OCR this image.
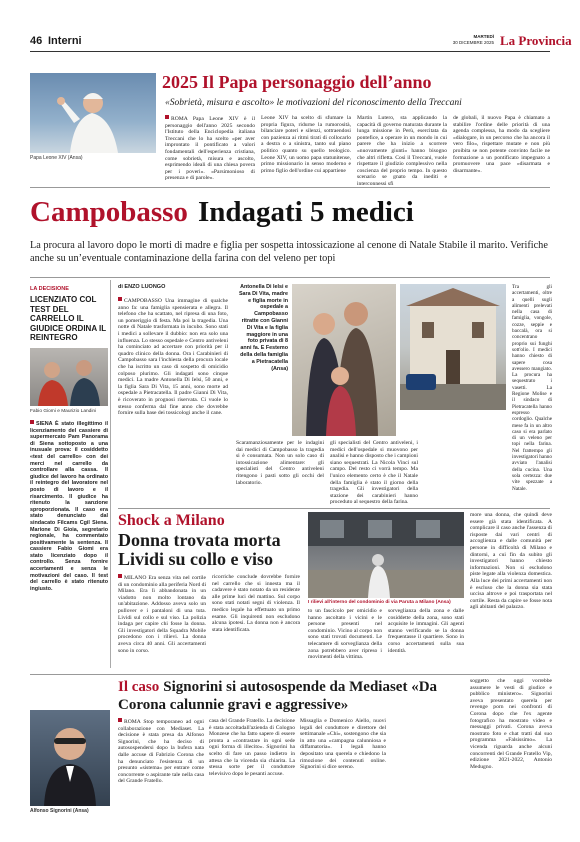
46 Interni	MARTEDÌ
30 DICEMBRE 2025 La Provincia
Papa Leone XIV (Ansa)
2025 Il Papa personaggio dell’anno
«Sobrietà, misura e ascolto» le motivazioni del riconoscimento della Treccani
ROMA Papa Leone XIV è il personaggio dell'anno 2025 secondo l'Istituto della Enciclopedia italiana Treccani che lo ha scelto «per aver improntato il pontificato a valori fondamentali dell'esperienza cristiana, come sobrietà, misura e ascolto, esprimendo ideali di una chiesa povera per i poveri». «Parsimonioso di presenza e di parole».
Leone XIV ha scelto di sfumare la propria figura, ridurne la rumorosità, bilanciare poteri e silenzi, sottraendosi con pazienza ai ritmi tirati di collocarlo a destra o a sinistra, tanto sul piano politico quanto su quello teologico. Leone XIV, un uomo papa statunitense, primo missionario in senso moderno e primo figlio dell'ordine cui appartiene
Martin Lutero, sta applicando la capacità di governo maturata durante la lunga missione in Perù, esercitata da pontefice, a operare in un mondo in cui parere che ha inizio a scorrere «nuovamente giunti» hanno bisogno che altri rifletta. Così il Treccani, vuole rispettare il giudizio complessivo nella coscienza del proprio tempo. In questo scenario se gnato da inediti e interconnessi sfi
de globali, il nuovo Papa è chiamato a stabilire l'ordine delle priorità di una agenda complessa, ha modo da scegliere «dialogare, in un percorso che ha ancora il vero filo», rispettare mutate e non più proibita se non potente convinto facile ne formazione a un pontificato impegnato a promuovere una pace «disarmata e disarmante».
Campobasso Indagati 5 medici
La procura al lavoro dopo le morti di madre e figlia per sospetta intossicazione al cenone di Natale Stabile il marito. Verifiche anche su un’eventuale contaminazione della farina con del veleno per topi
LA DECISIONE
LICENZIATO COL TEST DEL CARRELLO IL GIUDICE ORDINA IL REINTEGRO
Fabio Giomi e Maurizio Landini
SIENA È stato illegittimo il licenziamento del cassiere di supermercato Pam Panorama di Siena sottoposto a una inusuale prova: il cosiddetto «test del carrello» con dei merci nel carrello da controllare alla cassa. Il giudice del lavoro ha ordinato il reintegro del lavoratore nel posto di lavoro e il risarcimento. Il giudice ha ritenuto la sanzione sproporzionata. Il caso era stato denunciato dal sindacato Filcams Cgil Siena. Marione Di Gioia, segretario regionale, ha commentato positivamente la sentenza. Il cassiere Fabio Giomi era stato licenziato dopo il controllo. Senza fornire accertamenti e senza le motivazioni del caso. Il test del carrello è stato ritenuto ingiusto.
di ENZO LUONGO
CAMPOBASSO Una immagine di qualche anno fa: una famiglia spensierata e allegra. Il telefono che ha scattato, nel ripresa di una foto, un pomeriggio di festa. Ma poi la tragedia. Una notte di Natale trasformata in incubo. Sono stati i medici a sollevare il dubbio: non era solo una influenza. Lo stesso ospedale e Centro antiveleni ha cominciato ad accertare con priorità per il quadro clinico della donna. Ora i Carabinieri di Campobasso sara l'inchiesta della procura locale che ha iscritto un caso di sospetto di omicidio colposo plurimo. Gli indagati sono cinque medici. La madre Antonella Di Ielsi, 50 anni, e la figlia Sara Di Vita, 15 anni, sono morte ad ospedale a Pietracatella. Il padre Gianni Di Vita, è ricoverato in prognosi riservata. Ci vuole lo stesso conferma dal fine anno che dovrebbe fornire sulla base dei tossicologi anche il cane.
Antonella Di Ielsi e Sara Di Vita, madre e figlia morte in ospedale a Campobasso ritratte con Gianni Di Vita e la figlia maggiore in una foto privata di 8 anni fa. E Festemo della della famiglia a Pietracatella (Ansa)
Scaramanziosamente per le indagini dai medici di Campobasso la tragedia si è consumata. Non un solo caso di intossicazione alimentare: gli specialisti del Centro antiveleni ritengono i pasti sotto gli occhi del laboratorio.
gli specialisti del Centro antiveleni, i medici dell'ospedale si muovono per analisi e hanno disposto che i campioni siano sequestrati. La Nicola Vinci sul campo. Del resto ci vorrà tempo. Ma l'unico elemento certo è che il Natale della famiglia è stato il giorno della tragedia. Gli investigatori della stazione dei carabinieri hanno proceduto al sequestro della farina.
Tra gli accertamenti, oltre a quelli sugli alimenti prelevati nella casa di famiglia, vongole, cozze, seppie e baccalà, ora si concentrano proprio sui funghi sott'olio. I medici hanno chiesto di sapere cosa avessero mangiato. La procura ha sequestrato i vasetti. La Regione Molise e il sindaco di Pietracatella hanno espresso cordoglio. Qualche mese fa in un altro caso si era parlato di un veleno per topi nella farina. Nel frattempo gli investigatori hanno avviato l'analisi della cucina. Una sola certezza: due vite spezzate a Natale.
Shock a Milano
Donna trovata morta Lividi su collo e viso
MILANO Era senza vita nel cortile di un condominio alla periferia Nord di Milano. Era lì abbandonata in un viadotto non molto lontano da un'abitazione. Addosso aveva solo un pullover e i pantaloni di una tuta. Lividi sul collo e sul viso. La polizia indaga per capire chi fosse la donna. Gli investigatori della Squadra Mobile procedono con i rilievi. La donna aveva circa 40 anni. Gli accertamenti sono in corso.
ricorriche conclude dovrebbe fornire nel carrello che si innesta ma il cadavere è stato notato da un residente alle prime luci del mattino. Sul corpo sono stati notati segni di violenza. Il medico legale ha effettuato un primo esame. Gli inquirenti non escludono alcuna ipotesi. La donna non è ancora stata identificata.
I rilievi all'interno del condominio di via Paruta a Milano (Ansa)
to un fascicolo per omicidio e hanno ascoltato i vicini e le persone presenti nel condominio. Vicino al corpo non sono stati trovati documenti. Le telecamere di sorveglianza della zona potrebbero aver ripreso i movimenti della vittima.
sorveglianza della zona e dalle cosiddette della zona, sono stati acquisite le immagini. Gli agenti stanno verificando se la donna frequentasse il quartiere. Sono in corso accertamenti sulla sua identità.
more una donna, che quindi deve essere già stata identificata. A complicare il caso anche l'assenza di risposte dai vari centri di accoglienza e dalle comunità per persone in difficoltà di Milano e dintorni, a cui fin da subito gli investigatori hanno chiesto informazioni. Non si escludono piste legate alla violenza domestica. Alla luce dei primi accertamenti non è escluso che la donna sia stata uccisa altrove e poi trasportata nel cortile. Resta da capire se fosse nota agli abitanti del palazzo.
Alfonso Signorini (Ansa)
Il caso Signorini si autosospende da Mediaset «Da Corona calunnie gravi e aggressive»
ROMA Stop temporaneo ad ogni collaborazione con Mediaset. La decisione è stata presa da Alfonso Signorini, che ha deciso di autosospendersi dopo la bufera nata dalle accuse di Fabrizio Corona che ha denunciato l'esistenza di un presunto «sistema» per entrare come concorrente o aspirante tale nella casa del Grande Fratello.
casa del Grande Fratello. La decisione è stata accoltadall'azienda di Cologno Monzese che ha fatto sapere di essere pronta a «contrastare in ogni sede ogni forma di illecito». Signorini ha scelto di fare un passo indietro in attesa che la vicenda sia chiarita. La stessa sorte per il conduttore televisivo dopo le pesanti accuse.
Missaglia e Domenico Aiello, nuovi legali del conduttore e direttore del settimanale «Chi», sostengono che sia in atto una «campagna calunniosa e diffamatoria». I legali hanno depositato una querela e chiedono la rimozione dei contenuti online. Signorini si dice sereno.
soggetto che oggi vorrebbe assumere le vesti di giudice e pubblico ministero». Signorini aveva presentato querela per revenge porn nei confronti di Corona dopo che l'ex agente fotografico ha mostrato video e messaggi privati. Corona aveva mostrato foto e chat tratti dal suo programma «Falsissimo». La vicenda riguarda anche alcuni concorrenti del Grande Fratello Vip, edizione 2021-2022, Antonio Medugno.
